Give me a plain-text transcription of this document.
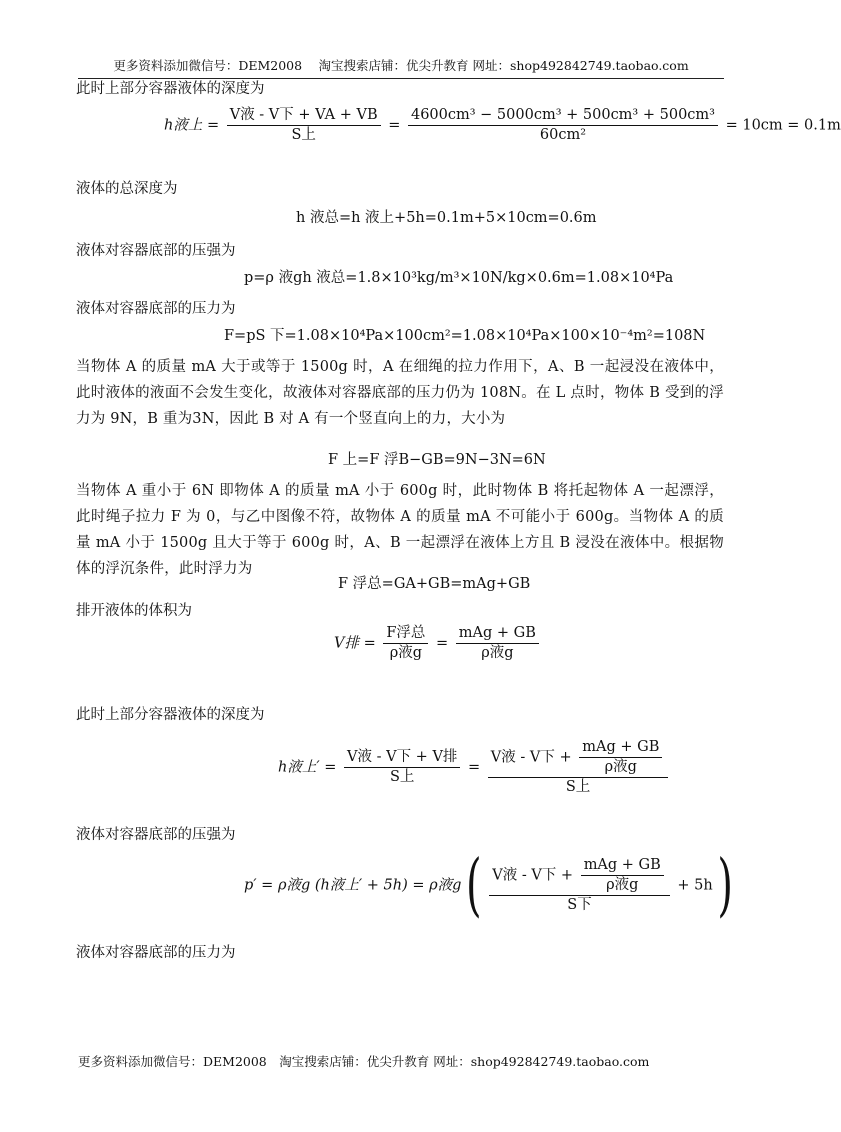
更多资料添加微信号：DEM2008　 淘宝搜索店铺：优尖升教育 网址：shop492842749.taobao.com
此时上部分容器液体的深度为
h液上 = $\frac{\text{V液 - V下 + VA + VB}}{\text{S上}} = \frac{\text{4600cm³ − 5000cm³ + 500cm³ + 500cm³}}{\text{60cm²}} = 10cm = 0.1m$
液体的总深度为
h 液总=h 液上+5h=0.1m+5×10cm=0.6m
液体对容器底部的压强为
p=ρ 液gh 液总=1.8×10³kg/m³×10N/kg×0.6m=1.08×10⁴Pa
液体对容器底部的压力为
F=pS 下=1.08×10⁴Pa×100cm²=1.08×10⁴Pa×100×10⁻⁴m²=108N
当物体 A 的质量 mA 大于或等于 1500g 时，A 在细绳的拉力作用下，A、B 一起浸没在液体中，此时液体的液面不会发生变化，故液体对容器底部的压力仍为 108N。在 L 点时，物体 B 受到的浮力为 9N，B 重为3N，因此 B 对 A 有一个竖直向上的力，大小为
F 上=F 浮B−GB=9N−3N=6N
当物体 A 重小于 6N 即物体 A 的质量 mA 小于 600g 时，此时物体 B 将托起物体 A 一起漂浮，此时绳子拉力 F 为 0，与乙中图像不符，故物体 A 的质量 mA 不可能小于 600g。当物体 A 的质量 mA 小于 1500g 且大于等于 600g 时，A、B 一起漂浮在液体上方且 B 浸没在液体中。根据物体的浮沉条件，此时浮力为
F 浮总=GA+GB=mAg+GB
排开液体的体积为
V排 = $\frac{\text{F浮总}}{\text{ρ液g}} = \frac{\text{mAg + GB}}{\text{ρ液g}}$
此时上部分容器液体的深度为
h液上′ = $\frac{\text{V液 - V下 + V排}}{\text{S上}} = \frac{V液 - V下 + \frac{\text{mAg + GB}}{\text{ρ液g}}}{\text{S上}}$
液体对容器底部的压强为
p′ = ρ液g (h液上′ + 5h) = ρ液g ( $\frac{V液 - V下 + \frac{\text{mAg + GB}}{\text{ρ液g}}}{\text{S下}} + 5h$ )
液体对容器底部的压力为
更多资料添加微信号：DEM2008　淘宝搜索店铺：优尖升教育 网址：shop492842749.taobao.com
